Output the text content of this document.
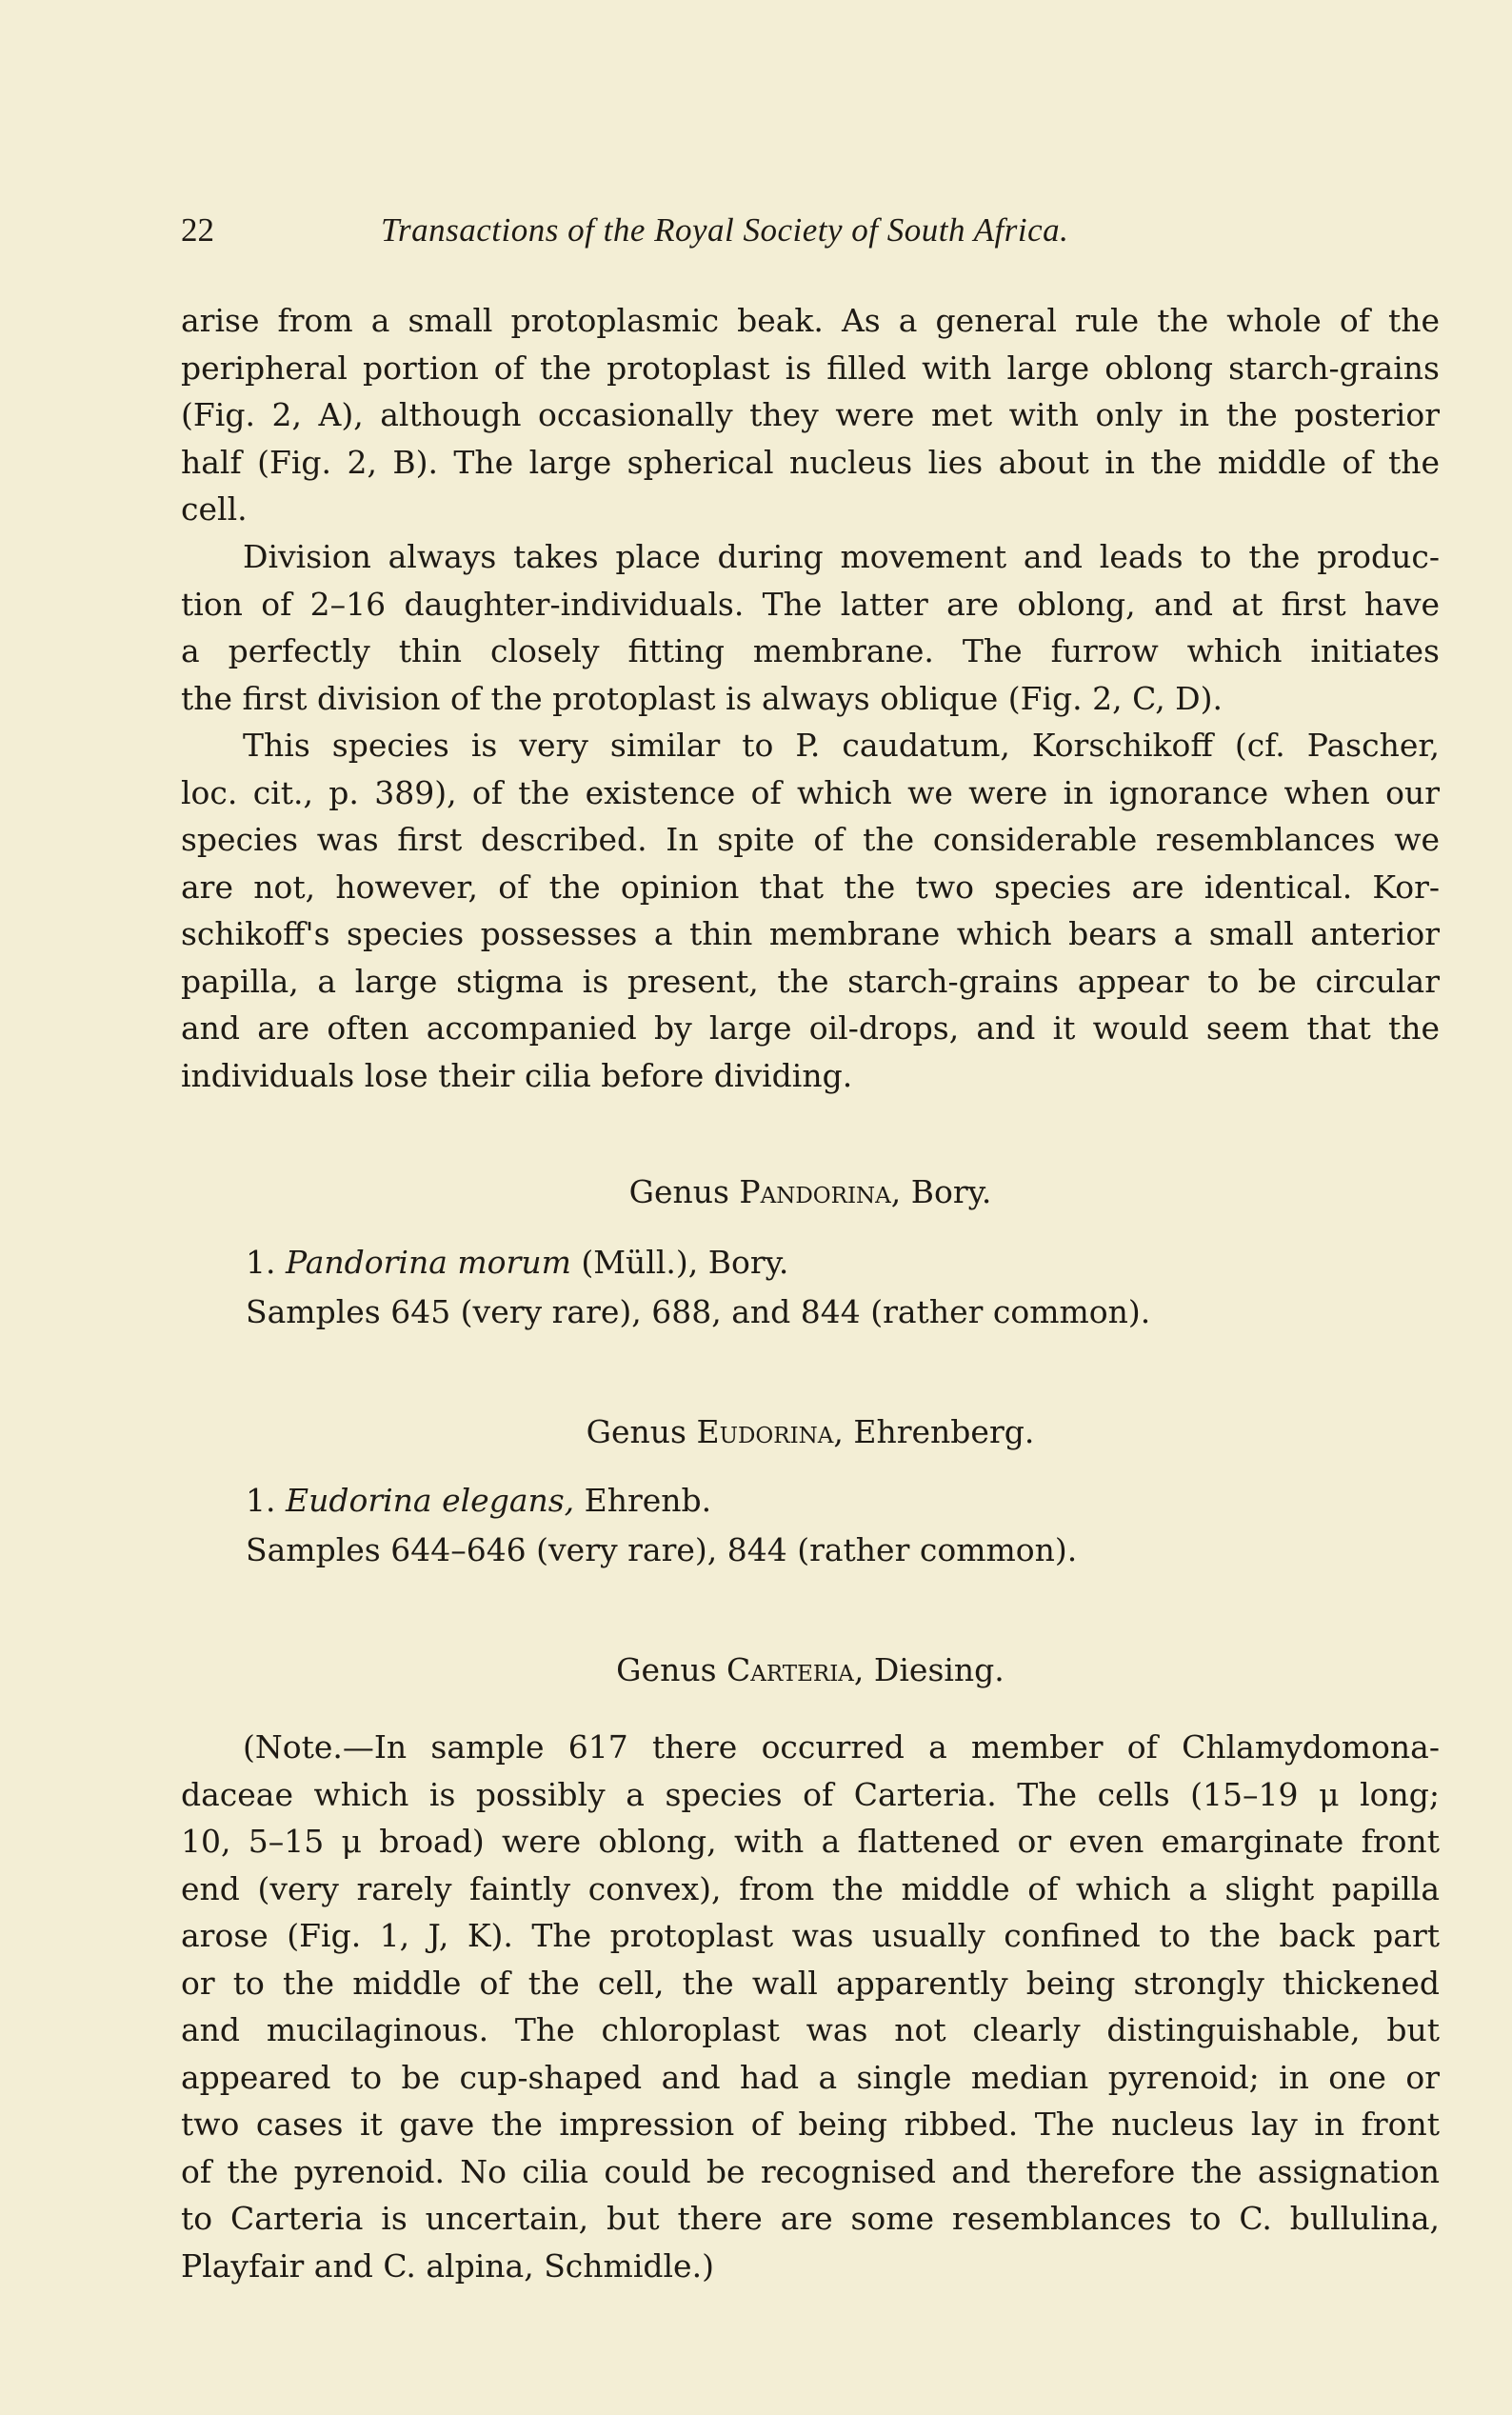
22	Transactions of the Royal Society of South Africa.
arise from a small protoplasmic beak. As a general rule the whole of the
peripheral portion of the protoplast is filled with large oblong starch-grains
(Fig. 2, A), although occasionally they were met with only in the posterior
half (Fig. 2, B). The large spherical nucleus lies about in the middle of the
cell.
Division always takes place during movement and leads to the produc-
tion of 2–16 daughter-individuals. The latter are oblong, and at first have
a perfectly thin closely fitting membrane. The furrow which initiates
the first division of the protoplast is always oblique (Fig. 2, C, D).
This species is very similar to P. caudatum, Korschikoff (cf. Pascher,
loc. cit., p. 389), of the existence of which we were in ignorance when our
species was first described. In spite of the considerable resemblances we
are not, however, of the opinion that the two species are identical. Kor-
schikoff's species possesses a thin membrane which bears a small anterior
papilla, a large stigma is present, the starch-grains appear to be circular
and are often accompanied by large oil-drops, and it would seem that the
individuals lose their cilia before dividing.
Genus Pandorina, Bory.
1. Pandorina morum (Müll.), Bory.
Samples 645 (very rare), 688, and 844 (rather common).
Genus Eudorina, Ehrenberg.
1. Eudorina elegans, Ehrenb.
Samples 644–646 (very rare), 844 (rather common).
Genus Carteria, Diesing.
(Note.—In sample 617 there occurred a member of Chlamydomona-
daceae which is possibly a species of Carteria. The cells (15–19 μ long;
10, 5–15 μ broad) were oblong, with a flattened or even emarginate front
end (very rarely faintly convex), from the middle of which a slight papilla
arose (Fig. 1, J, K). The protoplast was usually confined to the back part
or to the middle of the cell, the wall apparently being strongly thickened
and mucilaginous. The chloroplast was not clearly distinguishable, but
appeared to be cup-shaped and had a single median pyrenoid; in one or
two cases it gave the impression of being ribbed. The nucleus lay in front
of the pyrenoid. No cilia could be recognised and therefore the assignation
to Carteria is uncertain, but there are some resemblances to C. bullulina,
Playfair and C. alpina, Schmidle.)
